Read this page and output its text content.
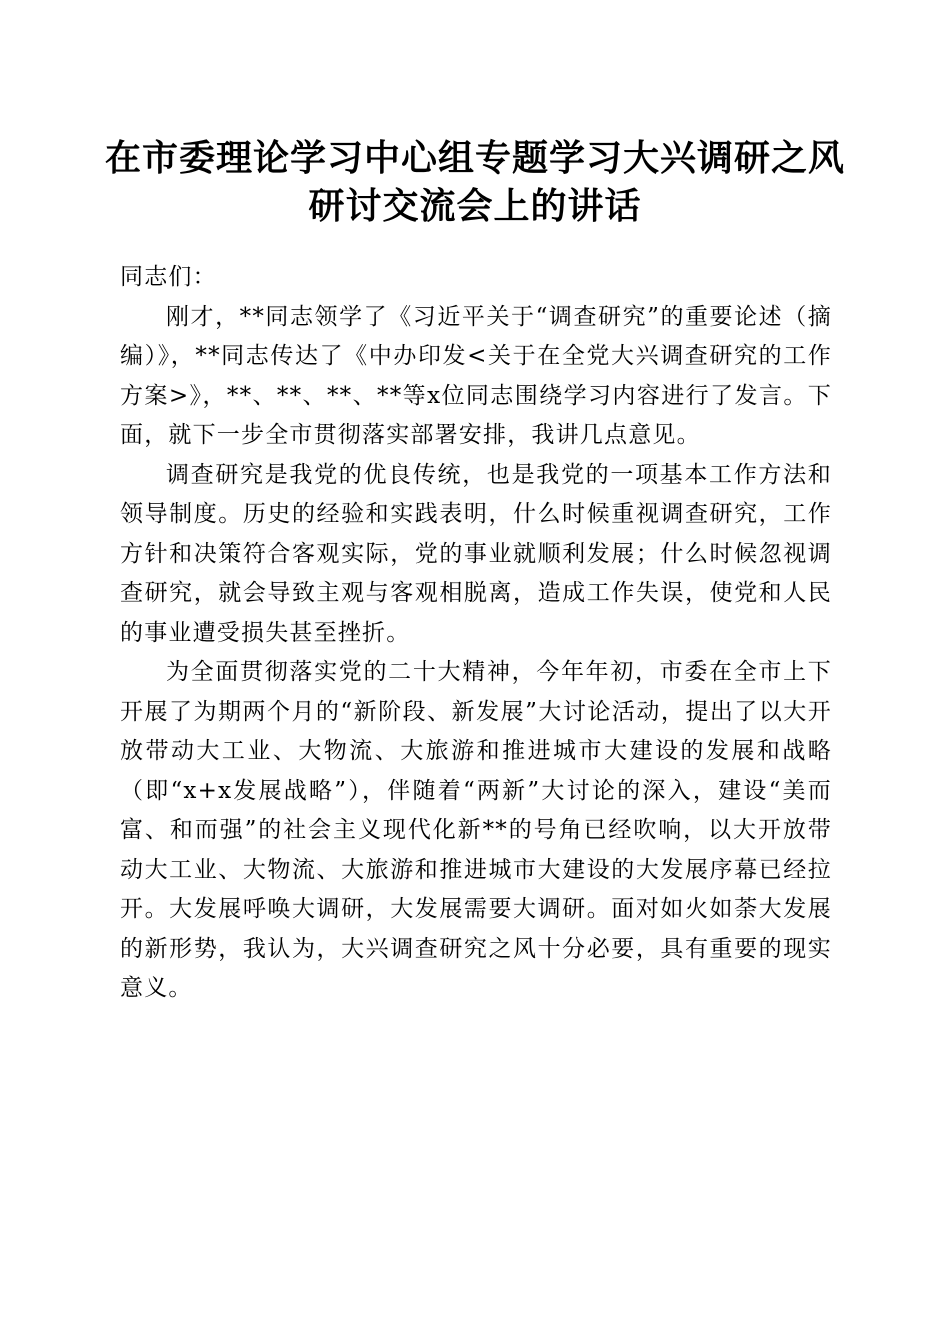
在市委理论学习中心组专题学习大兴调研之风
研讨交流会上的讲话

同志们：

刚才，**同志领学了《习近平关于“调查研究”的重要论述（摘编）》，**同志传达了《中办印发<关于在全党大兴调查研究的工作方案>》，**、**、**、**等x位同志围绕学习内容进行了发言。下面，就下一步全市贯彻落实部署安排，我讲几点意见。

调查研究是我党的优良传统，也是我党的一项基本工作方法和领导制度。历史的经验和实践表明，什么时候重视调查研究，工作方针和决策符合客观实际，党的事业就顺利发展；什么时候忽视调查研究，就会导致主观与客观相脱离，造成工作失误，使党和人民的事业遭受损失甚至挫折。

为全面贯彻落实党的二十大精神，今年年初，市委在全市上下开展了为期两个月的“新阶段、新发展”大讨论活动，提出了以大开放带动大工业、大物流、大旅游和推进城市大建设的发展和战略（即“x+x发展战略”），伴随着“两新”大讨论的深入，建设“美而富、和而强”的社会主义现代化新**的号角已经吹响，以大开放带动大工业、大物流、大旅游和推进城市大建设的大发展序幕已经拉开。大发展呼唤大调研，大发展需要大调研。面对如火如荼大发展的新形势，我认为，大兴调查研究之风十分必要，具有重要的现实意义。
